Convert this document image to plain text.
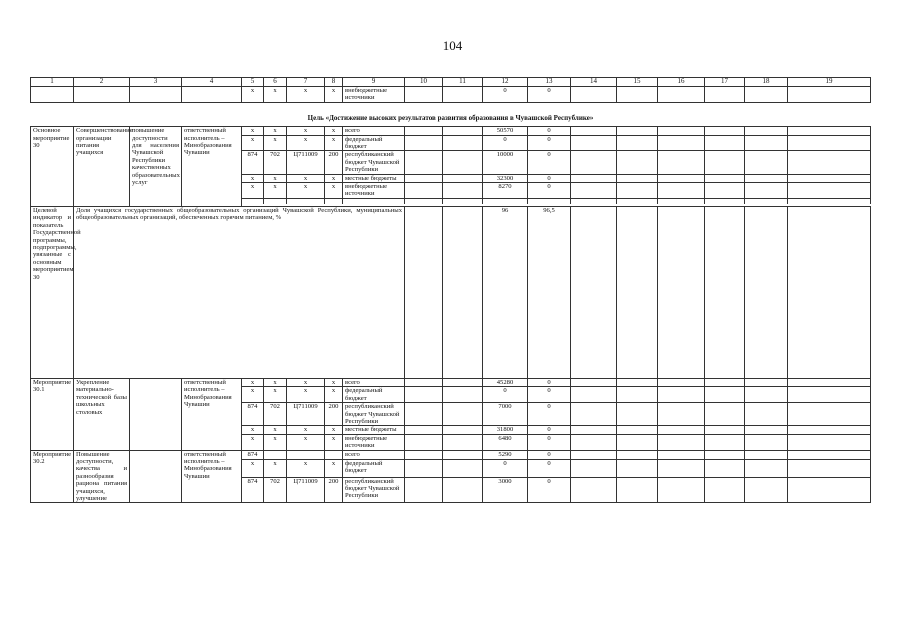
104
1	2	3	4	5	6	7	8	9	10	11	12	13	14	15	16	17	18	19
				х	х	х	х	внебюджетные источники			0	0						
Цель «Достижение высоких результатов развития образования в Чувашской Республике»																		
Основное мероприятие 30	Совершенствование организации питания учащихся	повышение доступности для населения Чувашской Республики качественных образовательных услуг	ответственный исполнитель – Минобразования Чувашии	х	х	х	х	всего			50570	0						
				х	х	х	х	федеральный бюджет			0	0						
				874	702	Ц711009	200	республиканский бюджет Чувашской Республики			10000	0						
				х	х	х	х	местные бюджеты			32300	0						
				х	х	х	х	внебюджетные источники			8270	0						

Целевой индикатор и показатель Государственной программы, подпрограммы, увязанные с основным мероприятием 30	Доля учащихся государственных общеобразовательных организаций Чувашской Республики, муниципальных общеобразовательных организаций, обеспеченных горячим питанием, %										96	96,5						
Мероприятие 30.1	Укрепление материально-технической базы школьных столовых		ответственный исполнитель – Минобразования Чувашии	х	х	х	х	всего			45280	0						
				х	х	х	х	федеральный бюджет			0	0						
				874	702	Ц711009	200	республиканский бюджет Чувашской Республики			7000	0						
				х	х	х	х	местные бюджеты			31800	0						
				х	х	х	х	внебюджетные источники			6480	0						
Мероприятие 30.2	Повышение доступности, качества и разнообразия рациона питания учащихся, улучшение		ответственный исполнитель – Минобразования Чувашии	874				всего			5290	0						
				х	х	х	х	федеральный бюджет			0	0						
				874	702	Ц711009	200	республиканский бюджет Чувашской Республики			3000	0						
